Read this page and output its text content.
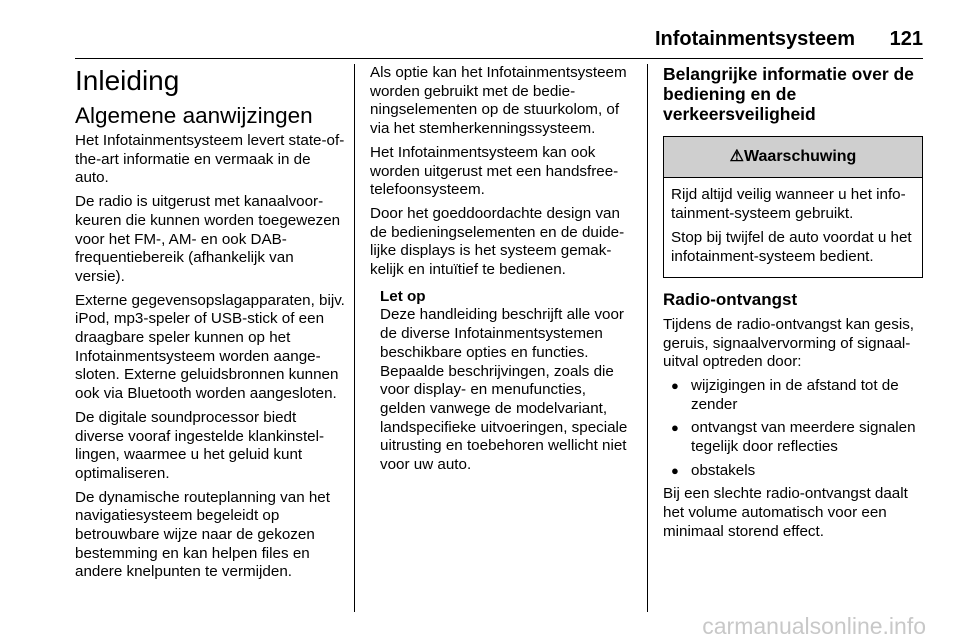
Infotainmentsysteem 121
Inleiding
Algemene aanwijzingen

Het Infotainmentsysteem levert state-of-the-art informatie en vermaak in de auto.

De radio is uitgerust met kanaalvoorkeuren die kunnen worden toegewezen voor het FM-, AM- en ook DAB-frequentiebereik (afhankelijk van versie).

Externe gegevensopslagapparaten, bijv. iPod, mp3-speler of USB-stick of een draagbare speler kunnen op het Infotainmentsysteem worden aangesloten. Externe geluidsbronnen kunnen ook via Bluetooth worden aangesloten.

De digitale soundprocessor biedt diverse vooraf ingestelde klankinstellingen, waarmee u het geluid kunt optimaliseren.

De dynamische routeplanning van het navigatiesysteem begeleidt op betrouwbare wijze naar de gekozen bestemming en kan helpen files en andere knelpunten te vermijden.

Als optie kan het Infotainmentsysteem worden gebruikt met de bedieningselementen op de stuurkolom, of via het stemherkenningssysteem.

Het Infotainmentsysteem kan ook worden uitgerust met een handsfree-telefoonsysteem.

Door het goeddoordachte design van de bedieningselementen en de duidelijke displays is het systeem gemakkelijk en intuïtief te bedienen.

Let op
Deze handleiding beschrijft alle voor de diverse Infotainmentsystemen beschikbare opties en functies. Bepaalde beschrijvingen, zoals die voor display- en menufuncties, gelden vanwege de modelvariant, landspecifieke uitvoeringen, speciale uitrusting en toebehoren wellicht niet voor uw auto.
Belangrijke informatie over de bediening en de verkeersveiligheid
⚠Waarschuwing

Rijd altijd veilig wanneer u het infotainment-systeem gebruikt.

Stop bij twijfel de auto voordat u het infotainment-systeem bedient.

Radio-ontvangst

Tijdens de radio-ontvangst kan gesis, geruis, signaalvervorming of signaaluitval optreden door:

● wijzigingen in de afstand tot de zender
● ontvangst van meerdere signalen tegelijk door reflecties
● obstakels

Bij een slechte radio-ontvangst daalt het volume automatisch voor een minimaal storend effect.

carmanualsonline.info
